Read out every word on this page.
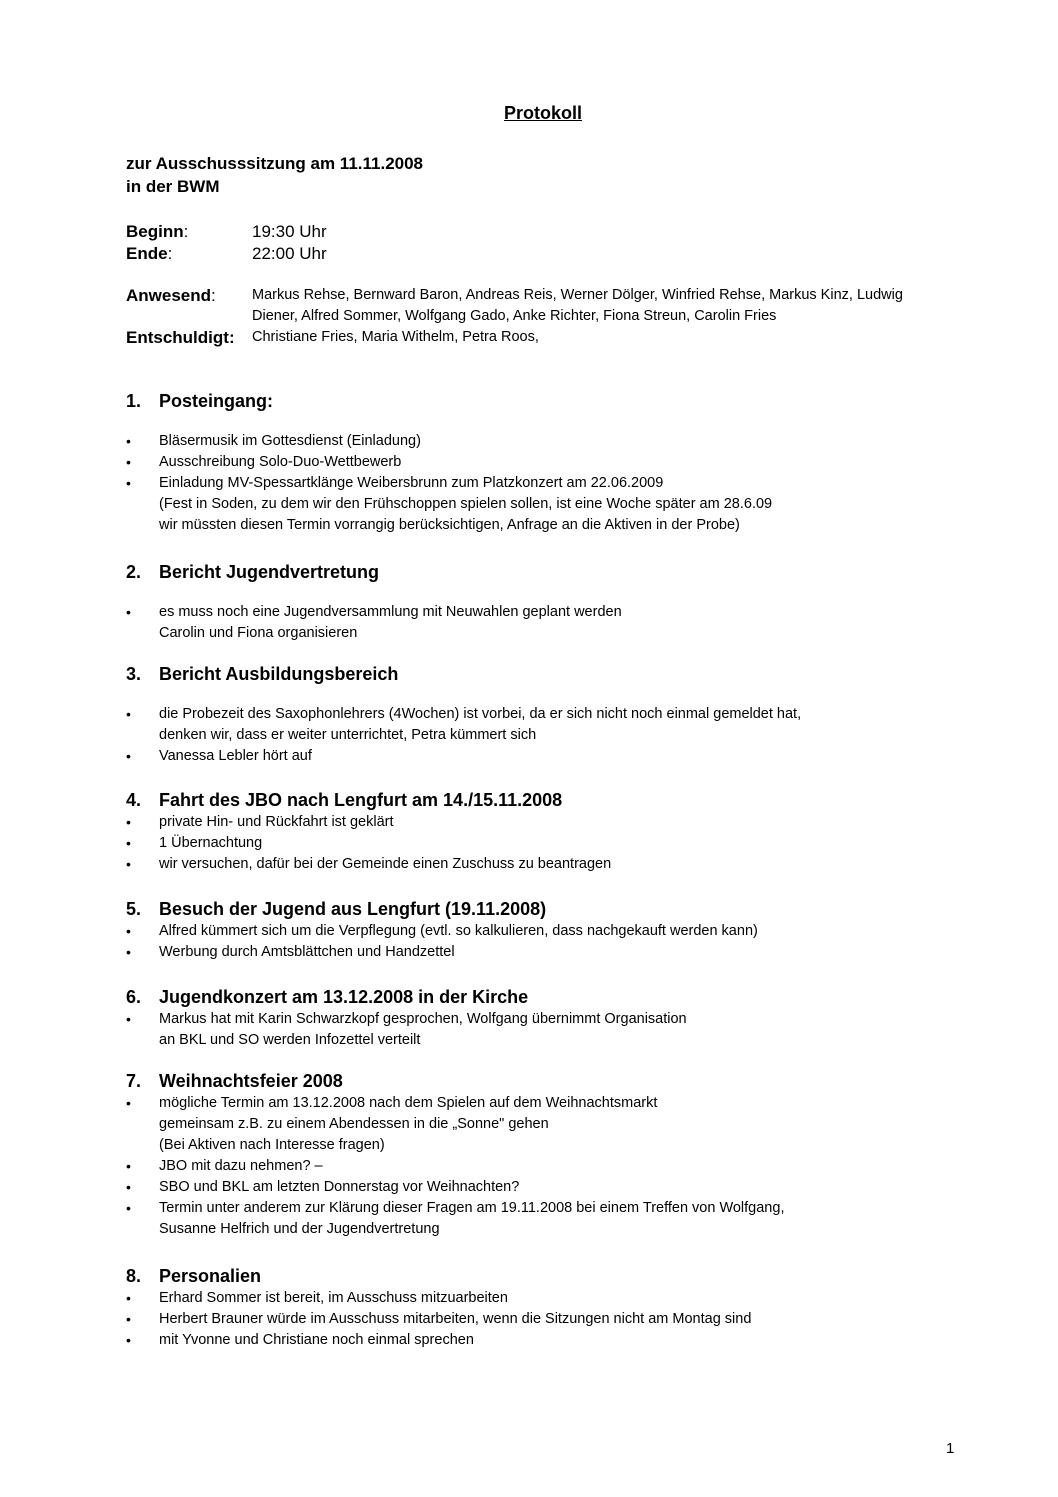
Protokoll
zur Ausschusssitzung am 11.11.2008
in der BWM
Beginn:	19:30 Uhr
Ende:	22:00 Uhr
Anwesend:	Markus Rehse, Bernward Baron, Andreas Reis, Werner Dölger, Winfried Rehse, Markus Kinz, Ludwig Diener, Alfred Sommer, Wolfgang Gado, Anke Richter, Fiona Streun, Carolin Fries
Entschuldigt:	Christiane Fries, Maria Withelm, Petra Roos,
1. Posteingang:
•	Bläsermusik im Gottesdienst (Einladung)
•	Ausschreibung Solo-Duo-Wettbewerb
•	Einladung MV-Spessartklänge Weibersbrunn zum Platzkonzert am 22.06.2009
(Fest in Soden, zu dem wir den Frühschoppen spielen sollen, ist eine Woche später am 28.6.09
wir müssten diesen Termin vorrangig berücksichtigen, Anfrage an die Aktiven in der Probe)
2. Bericht Jugendvertretung
•	es muss noch eine Jugendversammlung mit Neuwahlen geplant werden
Carolin und Fiona organisieren
3. Bericht Ausbildungsbereich
•	die Probezeit des Saxophonlehrers (4Wochen) ist vorbei, da er sich nicht noch einmal gemeldet hat,
denken wir, dass er weiter unterrichtet, Petra kümmert sich
•	Vanessa Lebler hört auf
4. Fahrt des JBO nach Lengfurt am 14./15.11.2008
•	private Hin- und Rückfahrt ist geklärt
•	1 Übernachtung
•	wir versuchen, dafür bei der Gemeinde einen Zuschuss zu beantragen
5. Besuch der Jugend aus Lengfurt (19.11.2008)
•	Alfred kümmert sich um die Verpflegung (evtl. so kalkulieren, dass nachgekauft werden kann)
•	Werbung durch Amtsblättchen und Handzettel
6. Jugendkonzert am 13.12.2008 in der Kirche
•	Markus hat mit Karin Schwarzkopf gesprochen, Wolfgang übernimmt Organisation
an BKL und SO werden Infozettel verteilt
7. Weihnachtsfeier 2008
•	mögliche Termin am 13.12.2008 nach dem Spielen auf dem Weihnachtsmarkt
gemeinsam z.B. zu einem Abendessen in die „Sonne" gehen
(Bei Aktiven nach Interesse fragen)
•	JBO mit dazu nehmen? –
•	SBO und BKL am letzten Donnerstag vor Weihnachten?
•	Termin unter anderem zur Klärung dieser Fragen am 19.11.2008 bei einem Treffen von Wolfgang,
Susanne Helfrich und der Jugendvertretung
8. Personalien
•	Erhard Sommer ist bereit, im Ausschuss mitzuarbeiten
•	Herbert Brauner würde im Ausschuss mitarbeiten, wenn die Sitzungen nicht am Montag sind
•	mit Yvonne und Christiane noch einmal sprechen
1
